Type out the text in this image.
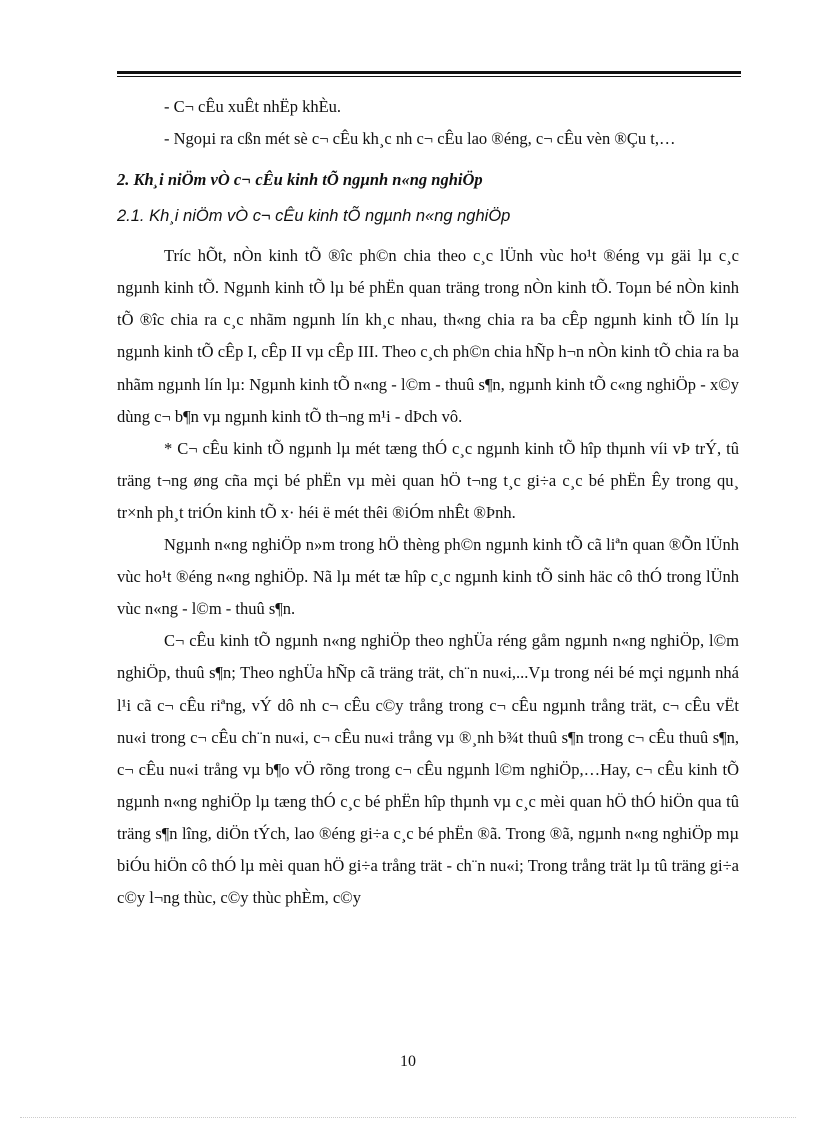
- C¬ cÊu xuÊt nhËp khÈu.

- Ngoµi ra cßn mét sè c¬ cÊu kh¸c nh c¬ cÊu lao ®éng, c¬ cÊu vèn ®Çu t,…

2. Kh¸i niÖm vÒ c¬ cÊu kinh tÕ ngµnh n«ng nghiÖp

2.1. Kh¸i niÖm vÒ c¬ cÊu kinh tÕ ngµnh n«ng nghiÖp

Tríc hÕt, nÒn kinh tÕ ®îc ph©n chia theo c¸c lÜnh vùc ho¹t ®éng vµ gäi lµ c¸c ngµnh kinh tÕ. Ngµnh kinh tÕ lµ bé phËn quan träng trong nÒn kinh tÕ. Toµn bé nÒn kinh tÕ ®îc chia ra c¸c nhãm ngµnh lín kh¸c nhau, th«ng chia ra ba cÊp ngµnh kinh tÕ lín lµ ngµnh kinh tÕ cÊp I, cÊp II vµ cÊp III. Theo c¸ch ph©n chia hÑp h¬n nÒn kinh tÕ chia ra ba nhãm ngµnh lín lµ: Ngµnh kinh tÕ n«ng - l©m - thuû s¶n, ngµnh kinh tÕ c«ng nghiÖp - x©y dùng c¬ b¶n vµ ngµnh kinh tÕ th¬ng m¹i - dÞch vô.

* C¬ cÊu kinh tÕ ngµnh lµ mét tæng thÓ c¸c ngµnh kinh tÕ hîp thµnh víi vÞ trÝ, tû träng t¬ng øng cña mçi bé phËn vµ mèi quan hÖ t¬ng t¸c gi÷a c¸c bé phËn Êy trong qu¸ tr×nh ph¸t triÓn kinh tÕ x· héi ë mét thêi ®iÓm nhÊt ®Þnh.

Ngµnh n«ng nghiÖp n»m trong hÖ thèng ph©n ngµnh kinh tÕ cã liªn quan ®Õn lÜnh vùc ho¹t ®éng n«ng nghiÖp. Nã lµ mét tæ hîp c¸c ngµnh kinh tÕ sinh häc cô thÓ trong lÜnh vùc n«ng - l©m - thuû s¶n.

C¬ cÊu kinh tÕ ngµnh n«ng nghiÖp theo nghÜa réng gåm ngµnh n«ng nghiÖp, l©m nghiÖp, thuû s¶n; Theo nghÜa hÑp cã träng trät, ch¨n nu«i,...Vµ trong néi bé mçi ngµnh nhá l¹i cã c¬ cÊu riªng, vÝ dô nh c¬ cÊu c©y trång trong c¬ cÊu ngµnh trång trät, c¬ cÊu vËt nu«i trong c¬ cÊu ch¨n nu«i, c¬ cÊu nu«i trång vµ ®¸nh b¾t thuû s¶n trong c¬ cÊu thuû s¶n, c¬ cÊu nu«i trång vµ b¶o vÖ rõng trong c¬ cÊu ngµnh l©m nghiÖp,…Hay, c¬ cÊu kinh tÕ ngµnh n«ng nghiÖp lµ tæng thÓ c¸c bé phËn hîp thµnh vµ c¸c mèi quan hÖ thÓ hiÖn qua tû träng s¶n lîng, diÖn tÝch, lao ®éng gi÷a c¸c bé phËn ®ã. Trong ®ã, ngµnh n«ng nghiÖp mµ biÓu hiÖn cô thÓ lµ mèi quan hÖ gi÷a trång trät - ch¨n nu«i; Trong trång trät lµ tû träng gi÷a c©y l¬ng thùc, c©y thùc phÈm, c©y

10
